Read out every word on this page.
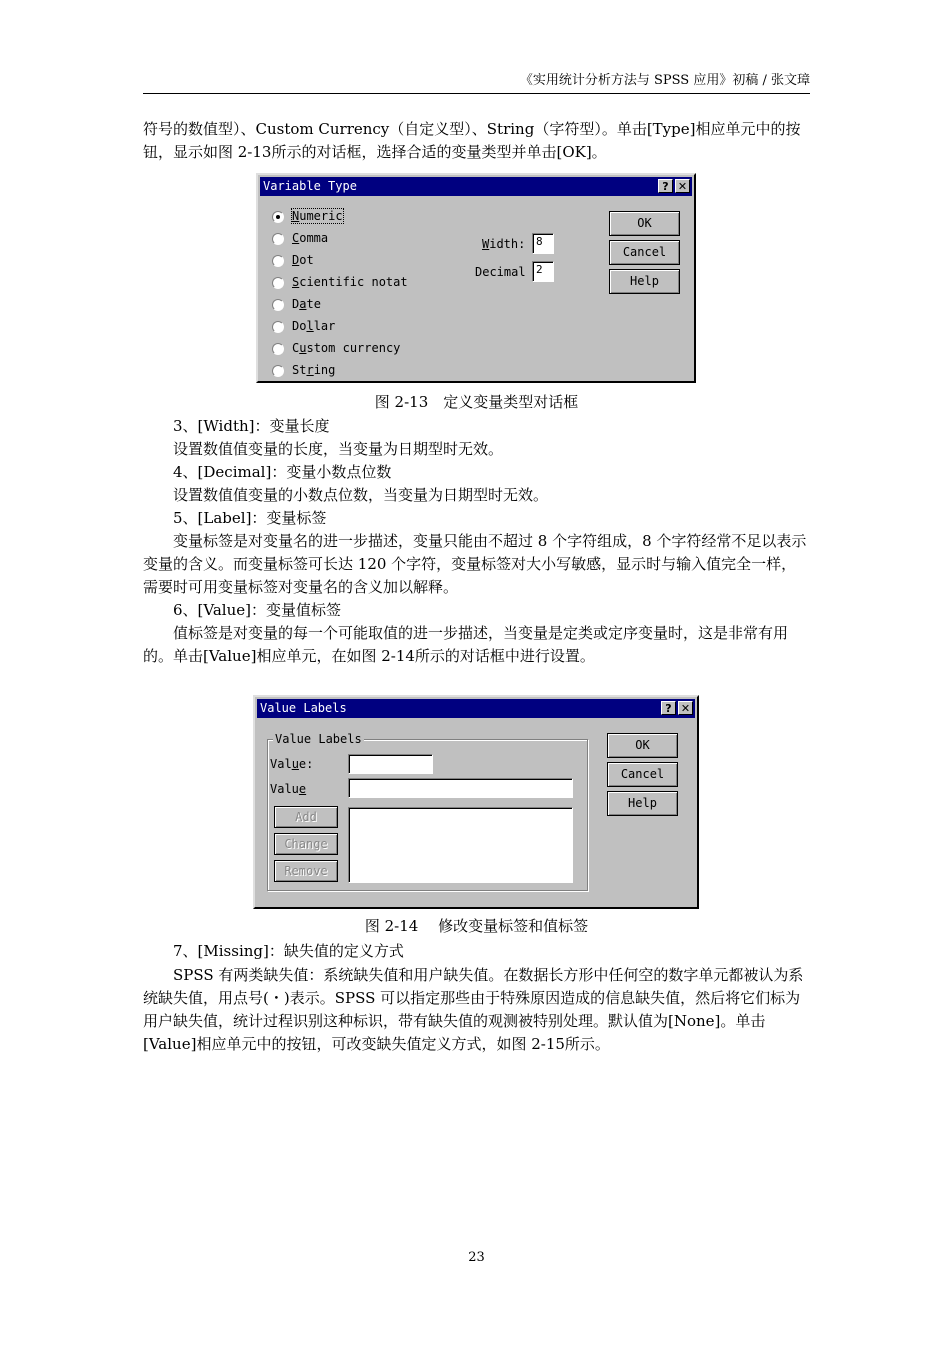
《实用统计分析方法与 SPSS 应用》初稿 / 张文璋

符号的数值型）、Custom Currency（自定义型）、String（字符型）。单击[Type]相应单元中的按钮，显示如图 2-13所示的对话框，选择合适的变量类型并单击[OK]。

Variable Type	? ✕
Numeric
Comma
Dot
Scientific notat
Date
Dollar
Custom currency
String
Width: 8
Decimal 2
OK
Cancel
Help
图 2-13　定义变量类型对话框

3、[Width]：变量长度

设置数值值变量的长度，当变量为日期型时无效。

4、[Decimal]：变量小数点位数

设置数值值变量的小数点位数，当变量为日期型时无效。

5、[Label]：变量标签

变量标签是对变量名的进一步描述，变量只能由不超过 8 个字符组成，8 个字符经常不足以表示变量的含义。而变量标签可长达 120 个字符，变量标签对大小写敏感，显示时与输入值完全一样，需要时可用变量标签对变量名的含义加以解释。

6、[Value]：变量值标签

值标签是对变量的每一个可能取值的进一步描述，当变量是定类或定序变量时，这是非常有用的。单击[Value]相应单元，在如图 2-14所示的对话框中进行设置。

Value Labels	? ✕
Value Labels
Value:
Value
Add
Change
Remove
OK
Cancel
Help
图 2-14　 修改变量标签和值标签

7、[Missing]：缺失值的定义方式

SPSS 有两类缺失值：系统缺失值和用户缺失值。在数据长方形中任何空的数字单元都被认为系统缺失值，用点号(・)表示。SPSS 可以指定那些由于特殊原因造成的信息缺失值，然后将它们标为用户缺失值，统计过程识别这种标识，带有缺失值的观测被特别处理。默认值为[None]。单击[Value]相应单元中的按钮，可改变缺失值定义方式，如图 2-15所示。

23
